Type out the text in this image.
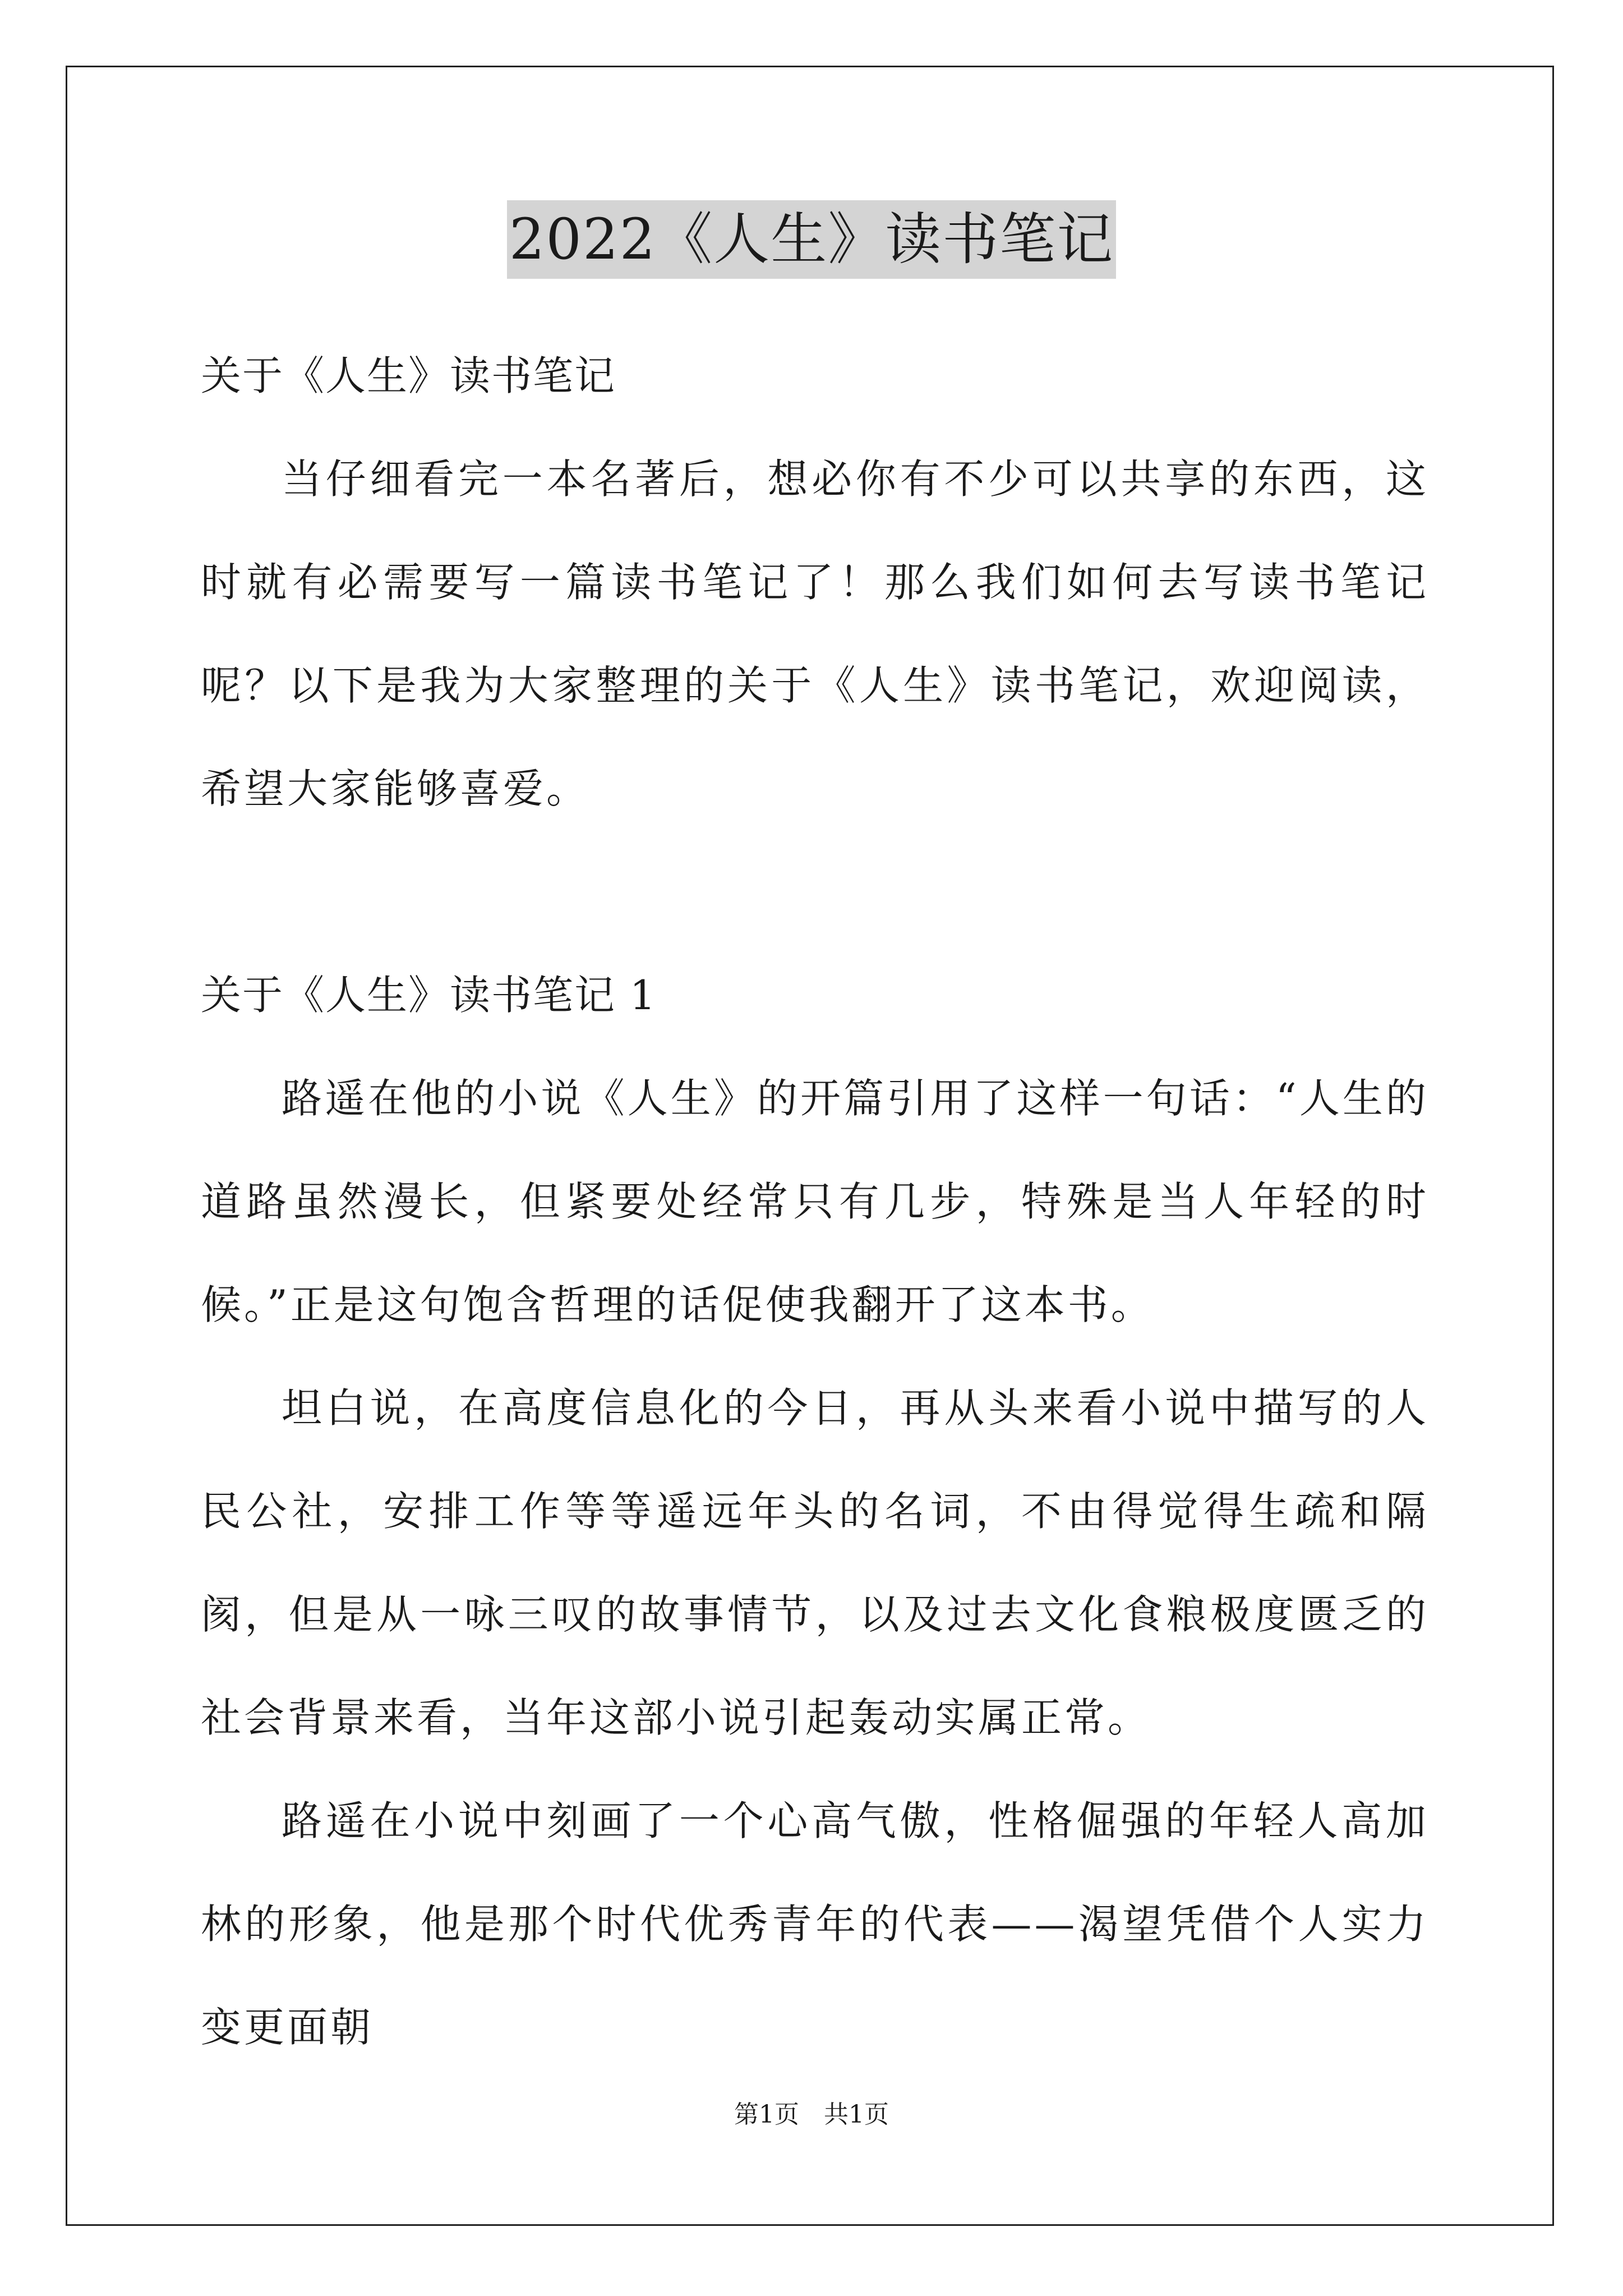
2022《人生》读书笔记

关于《人生》读书笔记

当仔细看完一本名著后，想必你有不少可以共享的东西，这时就有必需要写一篇读书笔记了！那么我们如何去写读书笔记呢？以下是我为大家整理的关于《人生》读书笔记，欢迎阅读，希望大家能够喜爱。

关于《人生》读书笔记 1

路遥在他的小说《人生》的开篇引用了这样一句话：“人生的道路虽然漫长，但紧要处经常只有几步，特殊是当人年轻的时候。”正是这句饱含哲理的话促使我翻开了这本书。

坦白说，在高度信息化的今日，再从头来看小说中描写的人民公社，安排工作等等遥远年头的名词，不由得觉得生疏和隔阂，但是从一咏三叹的故事情节，以及过去文化食粮极度匮乏的社会背景来看，当年这部小说引起轰动实属正常。

路遥在小说中刻画了一个心高气傲，性格倔强的年轻人高加林的形象，他是那个时代优秀青年的代表——渴望凭借个人实力变更面朝

第1页　共1页
